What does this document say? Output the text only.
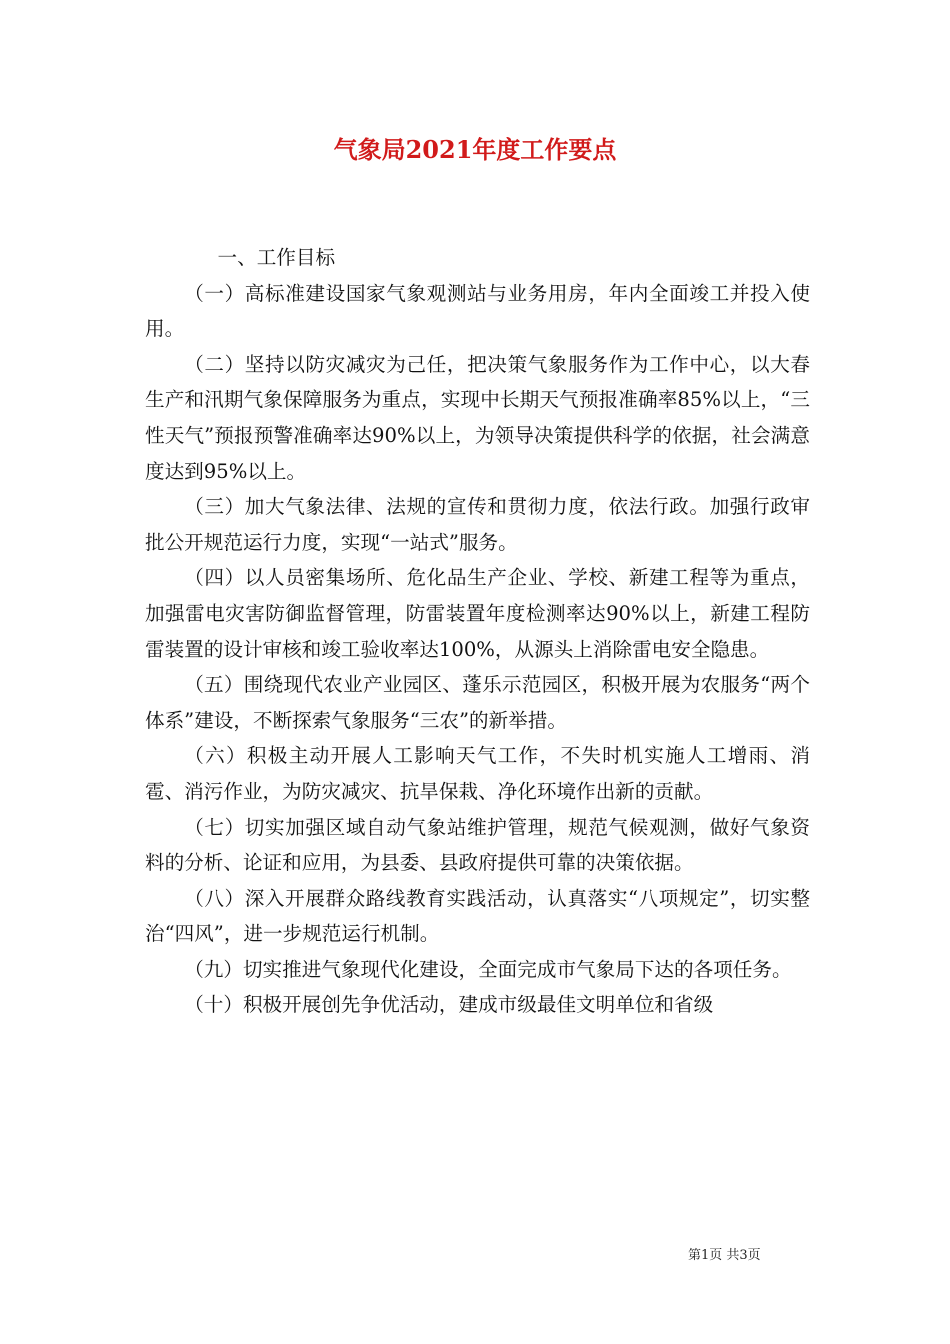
气象局2021年度工作要点

一、工作目标

（一）高标准建设国家气象观测站与业务用房，年内全面竣工并投入使用。

（二）坚持以防灾减灾为己任，把决策气象服务作为工作中心，以大春生产和汛期气象保障服务为重点，实现中长期天气预报准确率85%以上，“三性天气”预报预警准确率达90%以上，为领导决策提供科学的依据，社会满意度达到95%以上。

（三）加大气象法律、法规的宣传和贯彻力度，依法行政。加强行政审批公开规范运行力度，实现“一站式”服务。

（四）以人员密集场所、危化品生产企业、学校、新建工程等为重点，加强雷电灾害防御监督管理，防雷装置年度检测率达90%以上，新建工程防雷装置的设计审核和竣工验收率达100%，从源头上消除雷电安全隐患。

（五）围绕现代农业产业园区、蓬乐示范园区，积极开展为农服务“两个体系”建设，不断探索气象服务“三农”的新举措。

（六）积极主动开展人工影响天气工作，不失时机实施人工增雨、消雹、消污作业，为防灾减灾、抗旱保栽、净化环境作出新的贡献。

（七）切实加强区域自动气象站维护管理，规范气候观测，做好气象资料的分析、论证和应用，为县委、县政府提供可靠的决策依据。

（八）深入开展群众路线教育实践活动，认真落实“八项规定”，切实整治“四风”，进一步规范运行机制。

（九）切实推进气象现代化建设，全面完成市气象局下达的各项任务。

（十）积极开展创先争优活动，建成市级最佳文明单位和省级

第1页 共3页
